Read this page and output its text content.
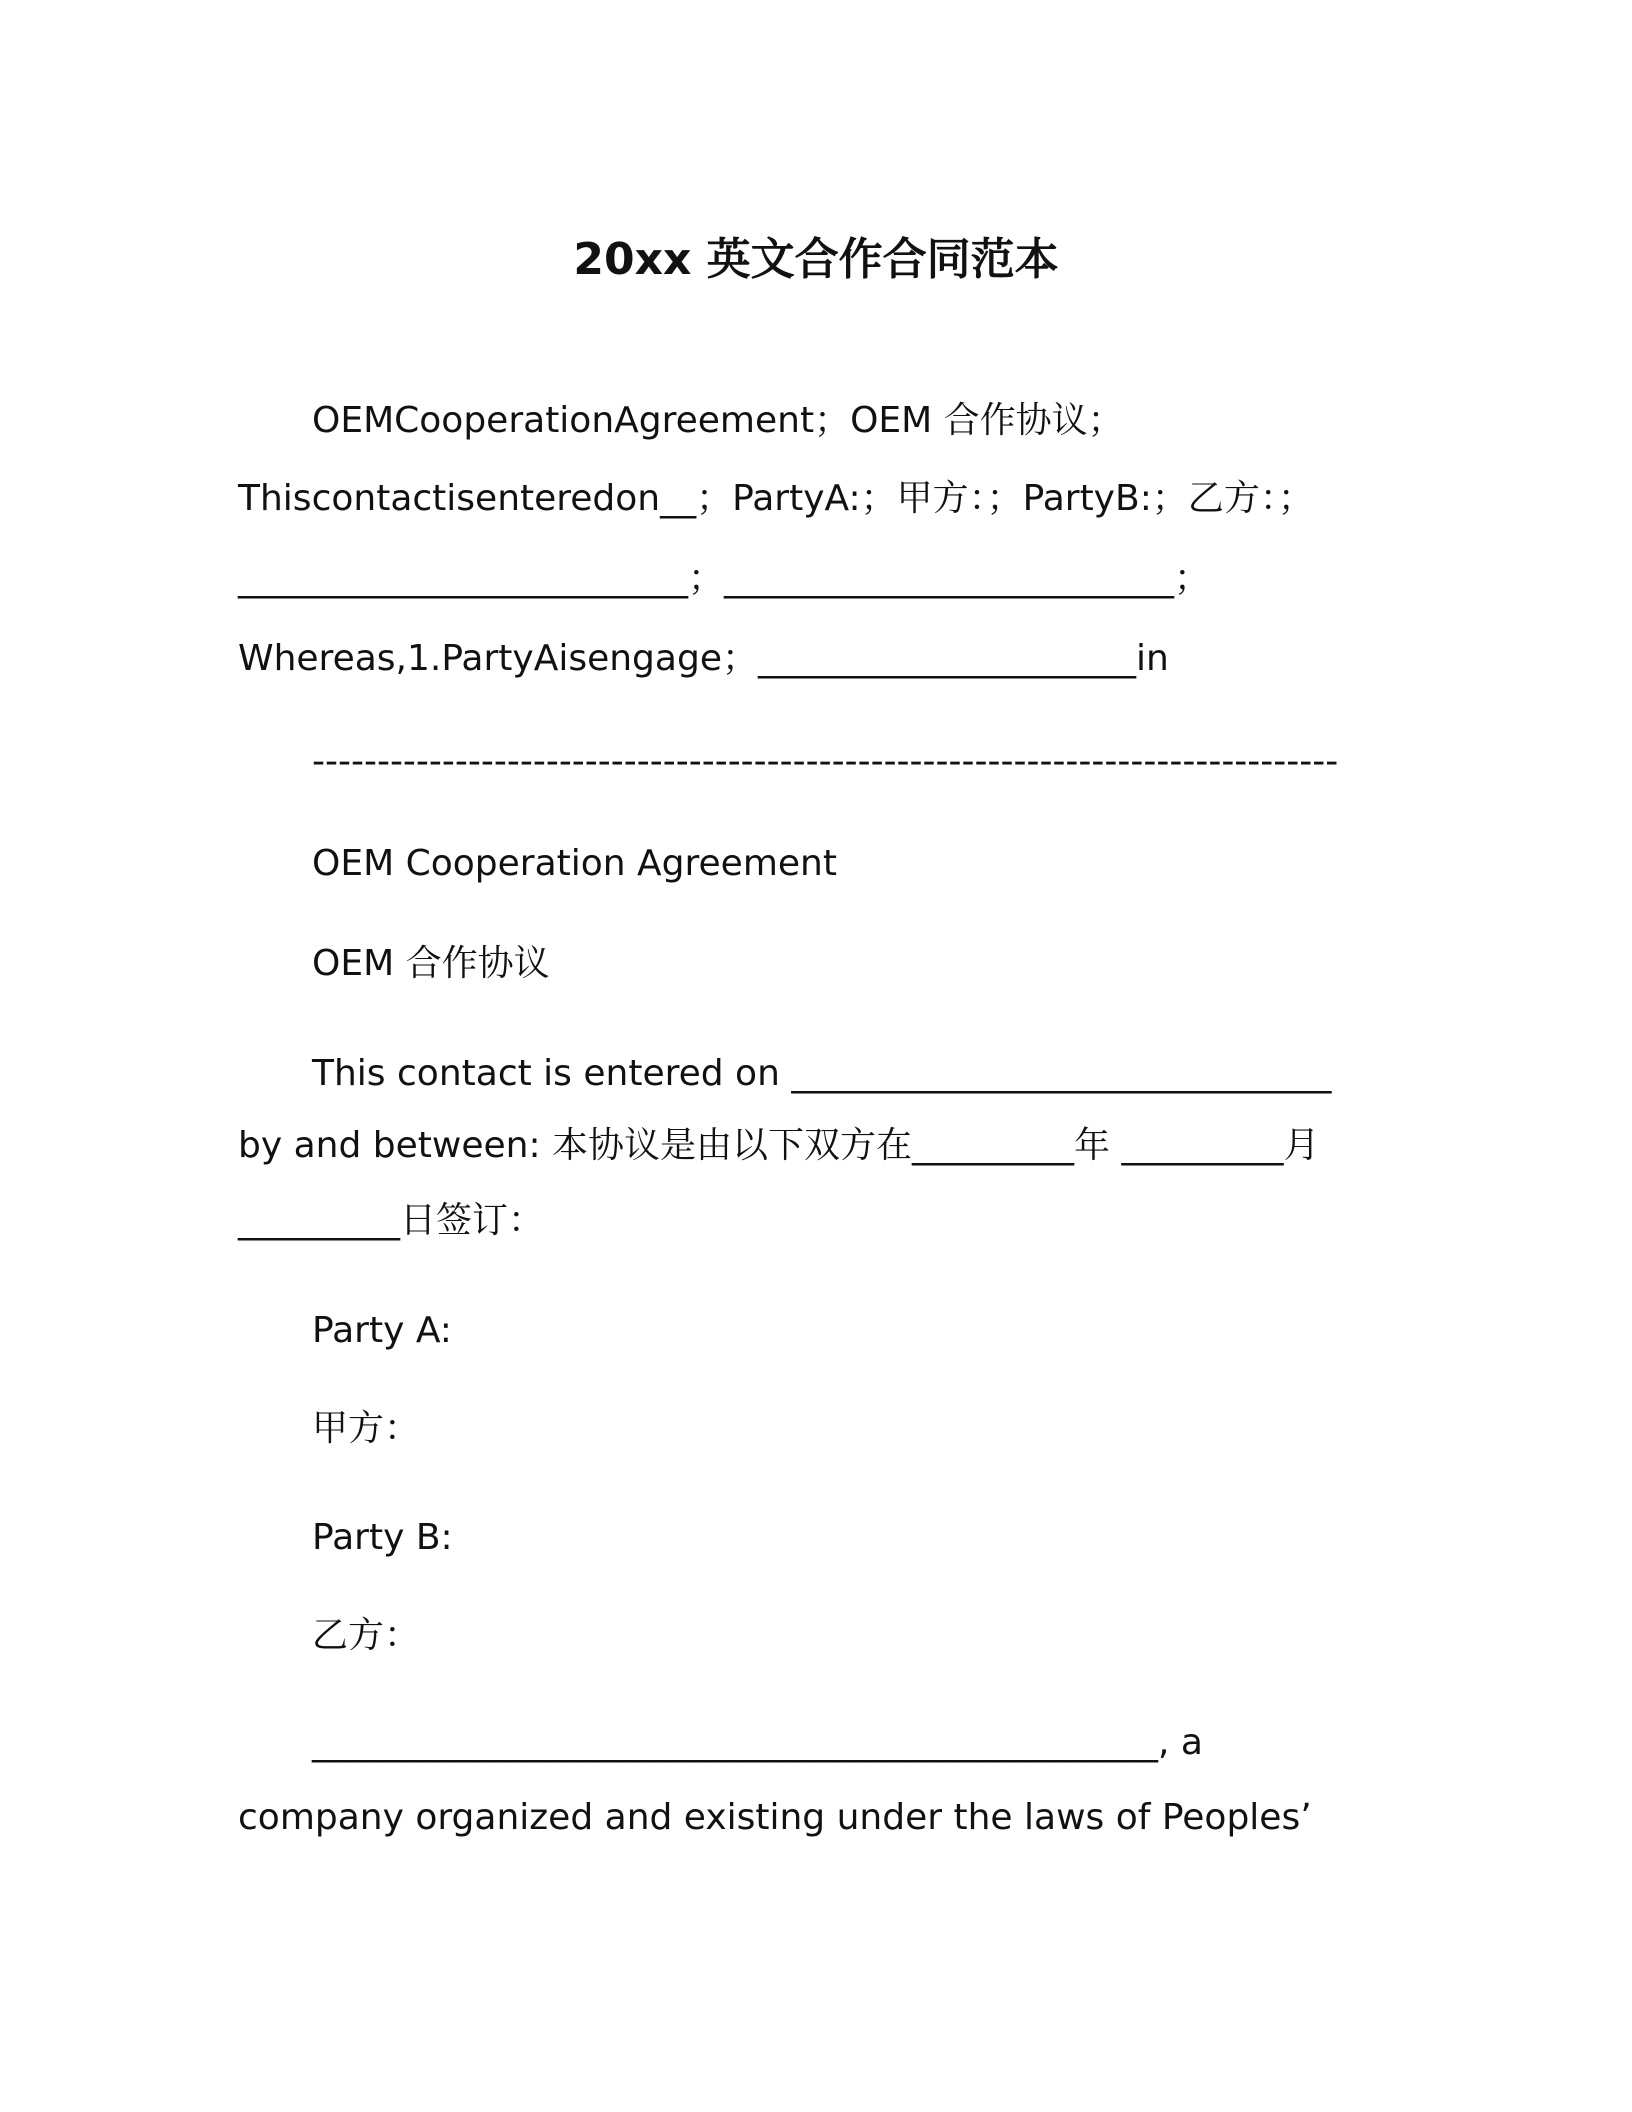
20xx 英文合作合同范本
OEMCooperationAgreement；OEM 合作协议；
Thiscontactisenteredon__；PartyA:；甲方：；PartyB:；乙方：；
_________________________；_________________________；
Whereas,1.PartyAisengage；_____________________in
-------------------------------------------------------------------------------
OEM Cooperation Agreement
OEM 合作协议
This contact is entered on ______________________________
by and between: 本协议是由以下双方在_________年 _________月
_________日签订：
Party A:
甲方：
Party B:
乙方：
_______________________________________________, a
company organized and existing under the laws of Peoples’
